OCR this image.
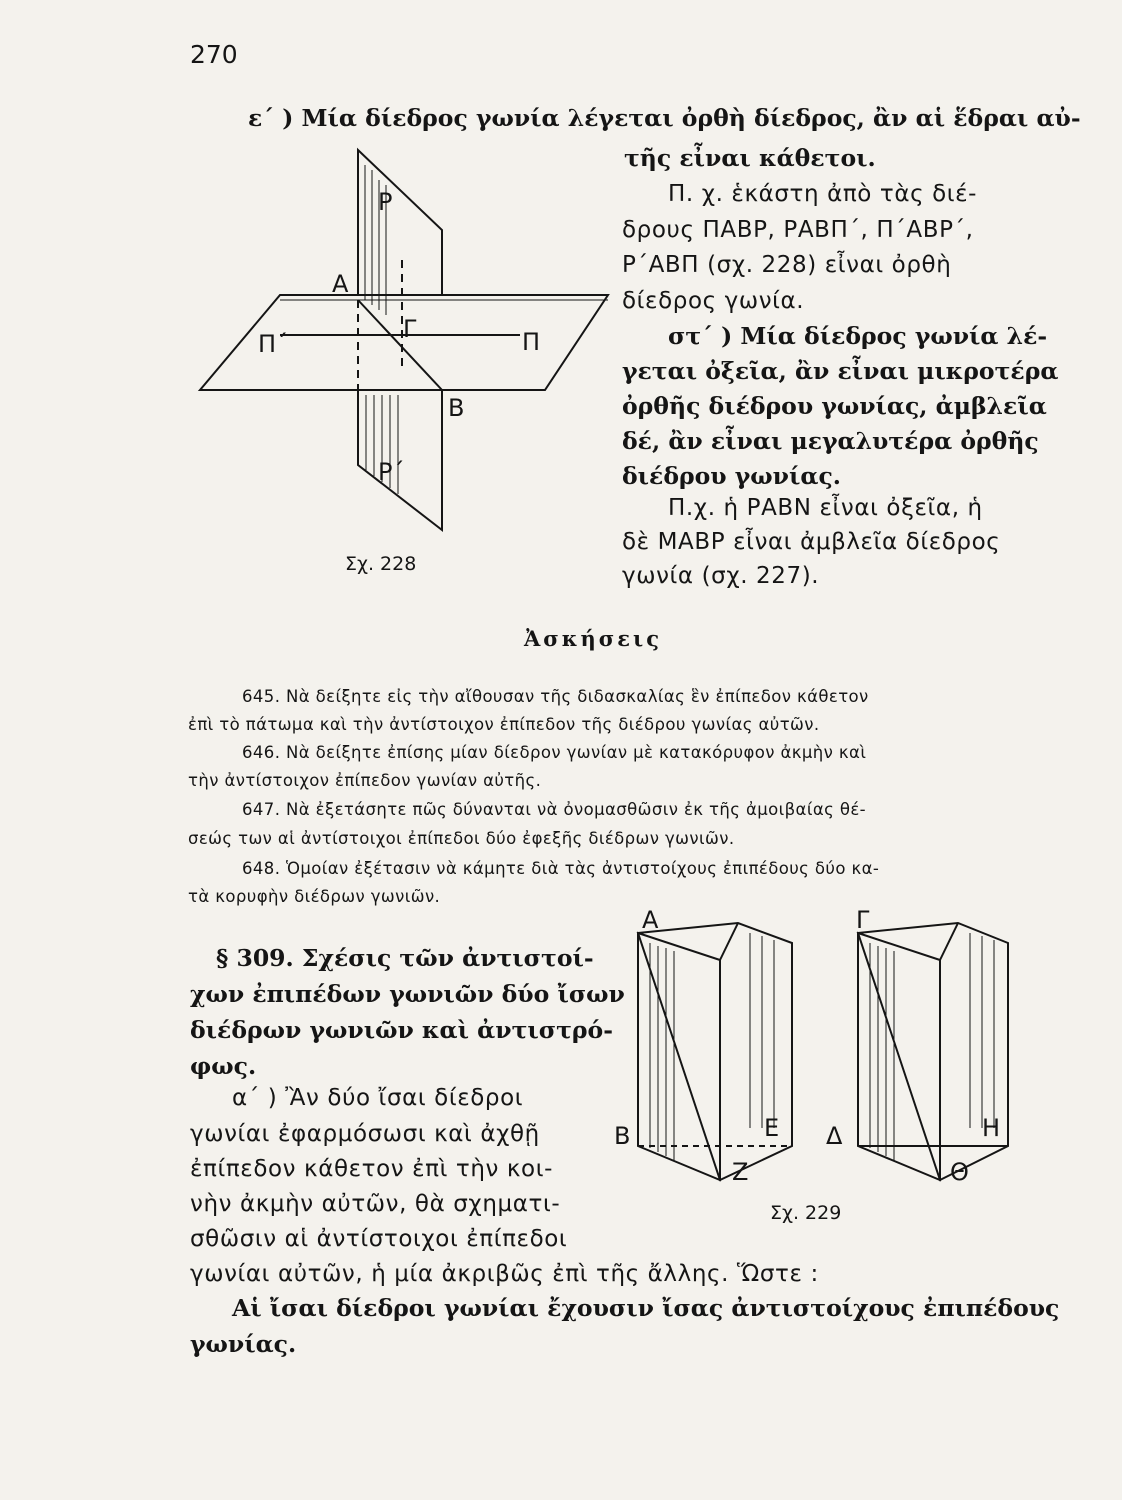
270
ε΄ ) Μία δίεδρος γωνία λέγεται ὀρθὴ δίεδρος, ἂν αἱ ἕδραι αὐ-
τῆς εἶναι κάθετοι.
Π. χ. ἑκάστη ἀπὸ τὰς διέ-
δρους ΠΑΒΡ, ΡΑΒΠ΄, Π΄ΑΒΡ΄,
Ρ΄ΑΒΠ (σχ. 228) εἶναι ὀρθὴ
δίεδρος γωνία.
στ΄ ) Μία δίεδρος γωνία λέ-
γεται ὀξεῖα, ἂν εἶναι μικροτέρα
ὀρθῆς διέδρου γωνίας, ἀμβλεῖα
δέ, ἂν εἶναι μεγαλυτέρα ὀρθῆς
διέδρου γωνίας.
Π.χ. ἡ ΡΑΒΝ εἶναι ὀξεῖα, ἡ
δὲ ΜΑΒΡ εἶναι ἀμβλεῖα δίεδρος
γωνία (σχ. 227).
Ρ
Α
Π΄
Γ	Π
Β
Ρ΄
Σχ. 228
Ἀσκήσεις
645. Νὰ δείξητε εἰς τὴν αἴθουσαν τῆς διδασκαλίας ἓν ἐπίπεδον κάθετον
ἐπὶ τὸ πάτωμα καὶ τὴν ἀντίστοιχον ἐπίπεδον τῆς διέδρου γωνίας αὐτῶν.
646. Νὰ δείξητε ἐπίσης μίαν δίεδρον γωνίαν μὲ κατακόρυφον ἀκμὴν καὶ
τὴν ἀντίστοιχον ἐπίπεδον γωνίαν αὐτῆς.
647. Νὰ ἐξετάσητε πῶς δύνανται νὰ ὀνομασθῶσιν ἐκ τῆς ἀμοιβαίας θέ-
σεώς των αἱ ἀντίστοιχοι ἐπίπεδοι δύο ἐφεξῆς διέδρων γωνιῶν.
648. Ὁμοίαν ἐξέτασιν νὰ κάμητε διὰ τὰς ἀντιστοίχους ἐπιπέδους δύο κα-
τὰ κορυφὴν διέδρων γωνιῶν.
§ 309. Σχέσις τῶν ἀντιστοί-
χων ἐπιπέδων γωνιῶν δύο ἴσων
διέδρων γωνιῶν καὶ ἀντιστρό-
φως.
α΄ ) Ἂν δύο ἴσαι δίεδροι
γωνίαι ἐφαρμόσωσι καὶ ἀχθῇ
ἐπίπεδον κάθετον ἐπὶ τὴν κοι-
νὴν ἀκμὴν αὐτῶν, θὰ σχηματι-
σθῶσιν αἱ ἀντίστοιχοι ἐπίπεδοι
γωνίαι αὐτῶν, ἡ μία ἀκριβῶς ἐπὶ τῆς ἄλλης. Ὥστε :
Αἱ ἴσαι δίεδροι γωνίαι ἔχουσιν ἴσας ἀντιστοίχους ἐπιπέδους
γωνίας.
Α
Β	Ε
Ζ
Γ
Δ	Η
Θ
Σχ. 229
